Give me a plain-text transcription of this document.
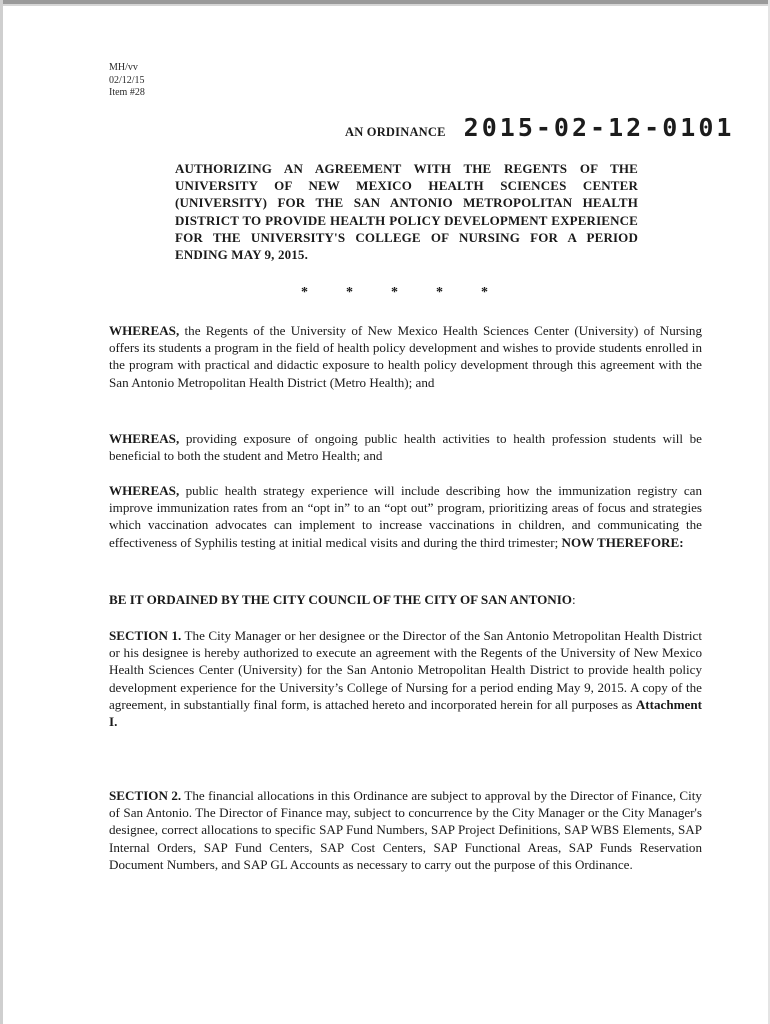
MH/vv
02/12/15
Item #28
AN ORDINANCE 2015-02-12-0101
AUTHORIZING AN AGREEMENT WITH THE REGENTS OF THE UNIVERSITY OF NEW MEXICO HEALTH SCIENCES CENTER (UNIVERSITY) FOR THE SAN ANTONIO METROPOLITAN HEALTH DISTRICT TO PROVIDE HEALTH POLICY DEVELOPMENT EXPERIENCE FOR THE UNIVERSITY'S COLLEGE OF NURSING FOR A PERIOD ENDING MAY 9, 2015.
*	*	*	*	*
WHEREAS, the Regents of the University of New Mexico Health Sciences Center (University) of Nursing offers its students a program in the field of health policy development and wishes to provide students enrolled in the program with practical and didactic exposure to health policy development through this agreement with the San Antonio Metropolitan Health District (Metro Health); and
WHEREAS, providing exposure of ongoing public health activities to health profession students will be beneficial to both the student and Metro Health; and
WHEREAS, public health strategy experience will include describing how the immunization registry can improve immunization rates from an “opt in” to an “opt out” program, prioritizing areas of focus and strategies which vaccination advocates can implement to increase vaccinations in children, and communicating the effectiveness of Syphilis testing at initial medical visits and during the third trimester; NOW THEREFORE:
BE IT ORDAINED BY THE CITY COUNCIL OF THE CITY OF SAN ANTONIO:
SECTION 1. The City Manager or her designee or the Director of the San Antonio Metropolitan Health District or his designee is hereby authorized to execute an agreement with the Regents of the University of New Mexico Health Sciences Center (University) for the San Antonio Metropolitan Health District to provide health policy development experience for the University’s College of Nursing for a period ending May 9, 2015. A copy of the agreement, in substantially final form, is attached hereto and incorporated herein for all purposes as Attachment I.
SECTION 2. The financial allocations in this Ordinance are subject to approval by the Director of Finance, City of San Antonio. The Director of Finance may, subject to concurrence by the City Manager or the City Manager's designee, correct allocations to specific SAP Fund Numbers, SAP Project Definitions, SAP WBS Elements, SAP Internal Orders, SAP Fund Centers, SAP Cost Centers, SAP Functional Areas, SAP Funds Reservation Document Numbers, and SAP GL Accounts as necessary to carry out the purpose of this Ordinance.
